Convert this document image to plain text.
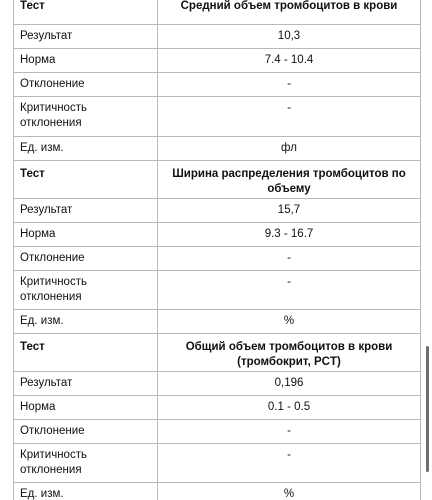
Тест	Средний объем тромбоцитов в крови
Результат	10,3
Норма	7.4 - 10.4
Отклонение	-
Критичность отклонения	-
Ед. изм.	фл
Тест	Ширина распределения тромбоцитов по объему
Результат	15,7
Норма	9.3 - 16.7
Отклонение	-
Критичность отклонения	-
Ед. изм.	%
Тест	Общий объем тромбоцитов в крови (тромбокрит, PCT)
Результат	0,196
Норма	0.1 - 0.5
Отклонение	-
Критичность отклонения	-
Ед. изм.	%
